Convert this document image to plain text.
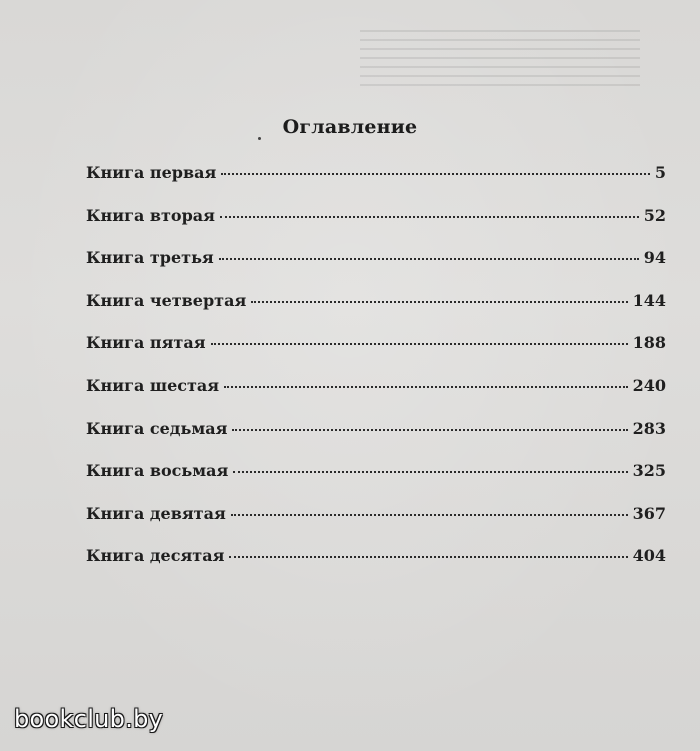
Оглавление
Книга первая	5
Книга вторая	52
Книга третья	94
Книга четвертая	144
Книга пятая	188
Книга шестая	240
Книга седьмая	283
Книга восьмая	325
Книга девятая	367
Книга десятая	404
bookclub.by
